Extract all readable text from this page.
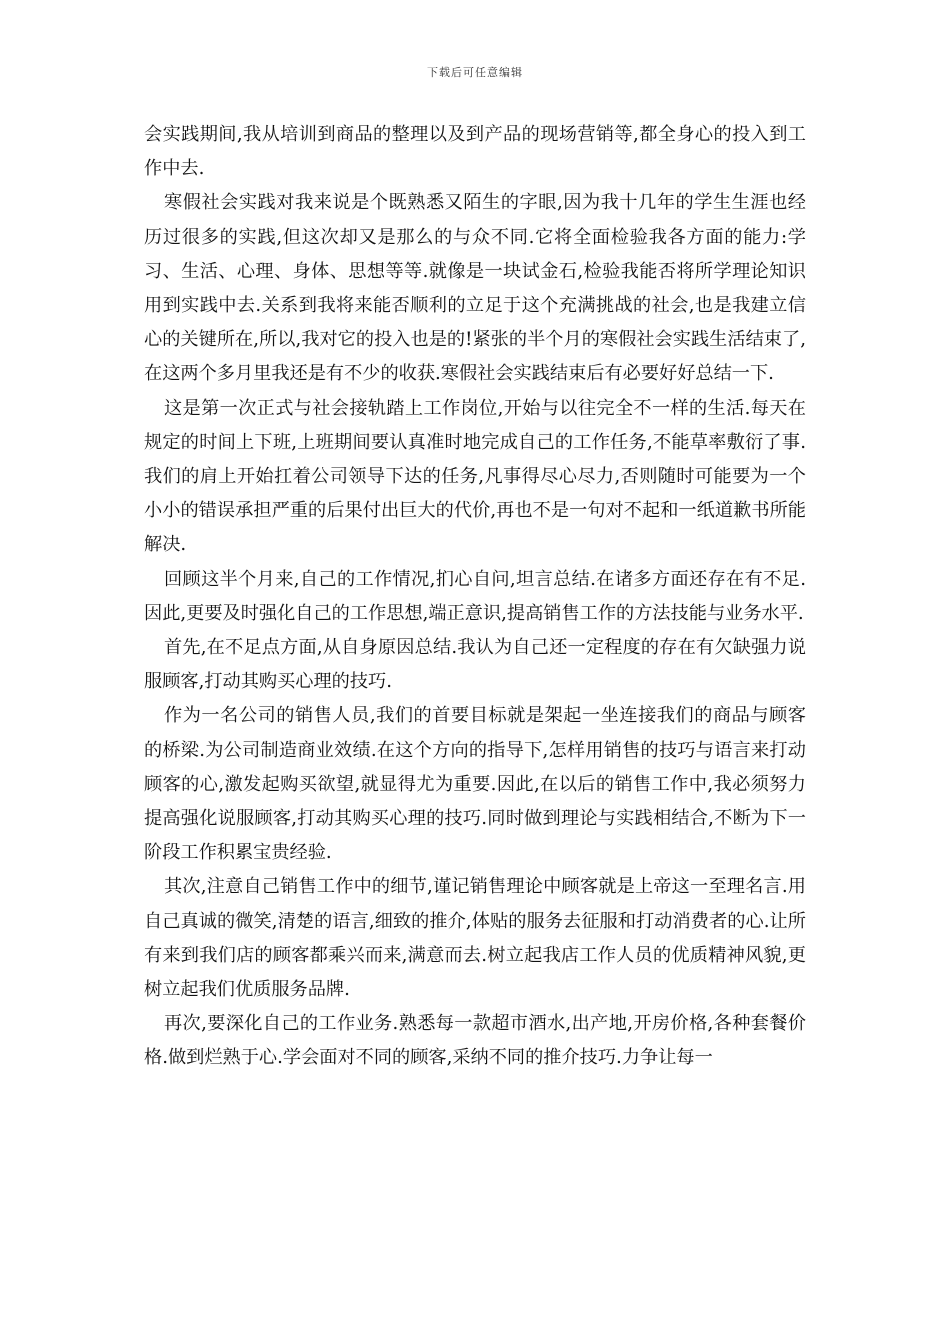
下载后可任意编辑

会实践期间,我从培训到商品的整理以及到产品的现场营销等,都全身心的投入到工作中去.

寒假社会实践对我来说是个既熟悉又陌生的字眼,因为我十几年的学生生涯也经历过很多的实践,但这次却又是那么的与众不同.它将全面检验我各方面的能力:学习、生活、心理、身体、思想等等.就像是一块试金石,检验我能否将所学理论知识用到实践中去.关系到我将来能否顺利的立足于这个充满挑战的社会,也是我建立信心的关键所在,所以,我对它的投入也是的!紧张的半个月的寒假社会实践生活结束了,在这两个多月里我还是有不少的收获.寒假社会实践结束后有必要好好总结一下.

这是第一次正式与社会接轨踏上工作岗位,开始与以往完全不一样的生活.每天在规定的时间上下班,上班期间要认真准时地完成自己的工作任务,不能草率敷衍了事.我们的肩上开始扛着公司领导下达的任务,凡事得尽心尽力,否则随时可能要为一个小小的错误承担严重的后果付出巨大的代价,再也不是一句对不起和一纸道歉书所能解决.

回顾这半个月来,自己的工作情况,扪心自问,坦言总结.在诸多方面还存在有不足.因此,更要及时强化自己的工作思想,端正意识,提高销售工作的方法技能与业务水平.

首先,在不足点方面,从自身原因总结.我认为自己还一定程度的存在有欠缺强力说服顾客,打动其购买心理的技巧.

作为一名公司的销售人员,我们的首要目标就是架起一坐连接我们的商品与顾客的桥梁.为公司制造商业效绩.在这个方向的指导下,怎样用销售的技巧与语言来打动顾客的心,激发起购买欲望,就显得尤为重要.因此,在以后的销售工作中,我必须努力提高强化说服顾客,打动其购买心理的技巧.同时做到理论与实践相结合,不断为下一阶段工作积累宝贵经验.

其次,注意自己销售工作中的细节,谨记销售理论中顾客就是上帝这一至理名言.用自己真诚的微笑,清楚的语言,细致的推介,体贴的服务去征服和打动消费者的心.让所有来到我们店的顾客都乘兴而来,满意而去.树立起我店工作人员的优质精神风貌,更树立起我们优质服务品牌.

再次,要深化自己的工作业务.熟悉每一款超市酒水,出产地,开房价格,各种套餐价格.做到烂熟于心.学会面对不同的顾客,采纳不同的推介技巧.力争让每一
